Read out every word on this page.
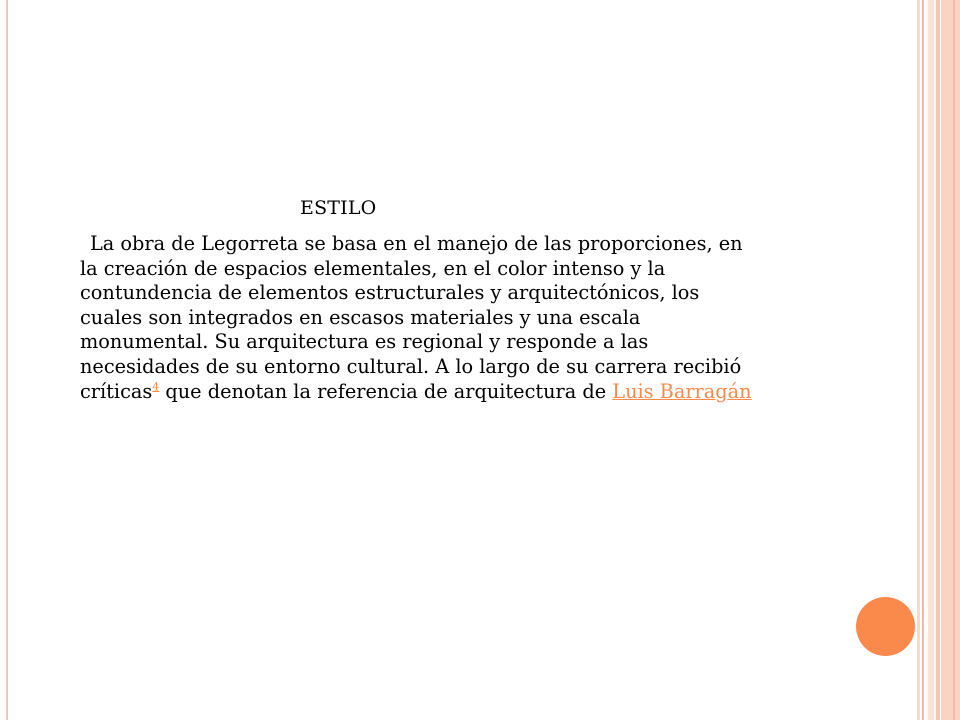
ESTILO
La obra de Legorreta se basa en el manejo de las proporciones, en
la creación de espacios elementales, en el color intenso y la
contundencia de elementos estructurales y arquitectónicos, los
cuales son integrados en escasos materiales y una escala
monumental. Su arquitectura es regional y responde a las
necesidades de su entorno cultural. A lo largo de su carrera recibió
críticas$^4$ que denotan la referencia de arquitectura de Luis Barragán
